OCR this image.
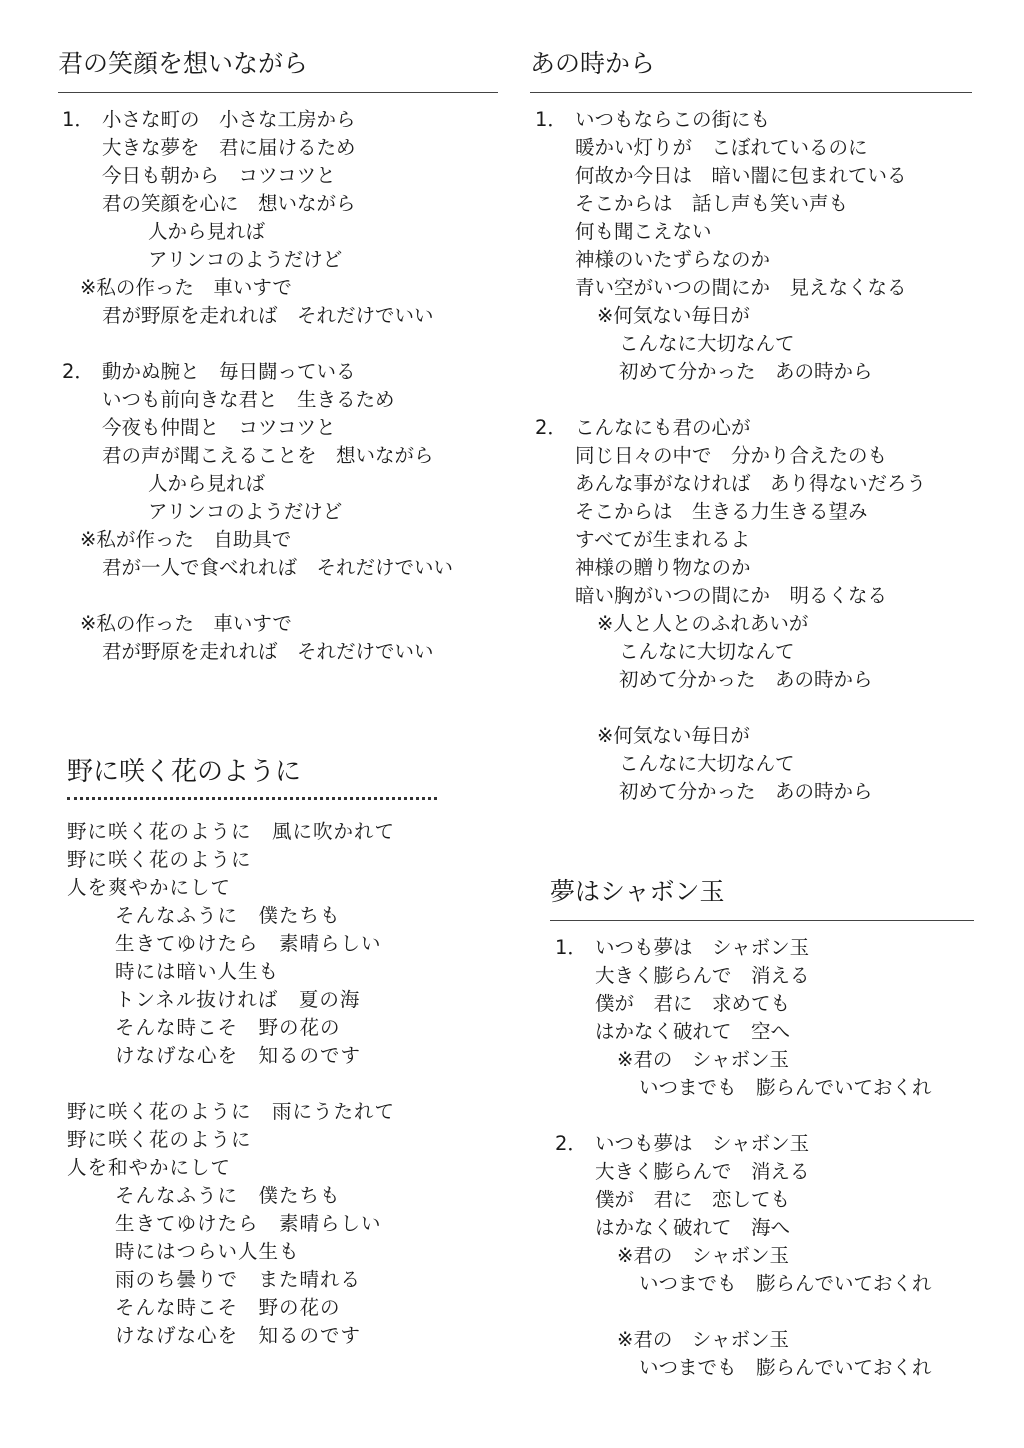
君の笑顔を想いながら
1． 小さな町の　小さな工房から
大きな夢を　君に届けるため
今日も朝から　コツコツと
君の笑顔を心に　想いながら
人から見れば
アリンコのようだけど
※私の作った　車いすで
君が野原を走れれば　それだけでいい
2． 動かぬ腕と　毎日闘っている
いつも前向きな君と　生きるため
今夜も仲間と　コツコツと
君の声が聞こえることを　想いながら
人から見れば
アリンコのようだけど
※私が作った　自助具で
君が一人で食べれれば　それだけでいい
※私の作った　車いすで
君が野原を走れれば　それだけでいい
あの時から
1． いつもならこの街にも
暖かい灯りが　こぼれているのに
何故か今日は　暗い闇に包まれている
そこからは　話し声も笑い声も
何も聞こえない
神様のいたずらなのか
青い空がいつの間にか　見えなくなる
※何気ない毎日が
こんなに大切なんて
初めて分かった　あの時から
2． こんなにも君の心が
同じ日々の中で　分かり合えたのも
あんな事がなければ　あり得ないだろう
そこからは　生きる力生きる望み
すべてが生まれるよ
神様の贈り物なのか
暗い胸がいつの間にか　明るくなる
※人と人とのふれあいが
こんなに大切なんて
初めて分かった　あの時から
※何気ない毎日が
こんなに大切なんて
初めて分かった　あの時から
野に咲く花のように
野に咲く花のように　風に吹かれて
野に咲く花のように
人を爽やかにして
そんなふうに　僕たちも
生きてゆけたら　素晴らしい
時には暗い人生も
トンネル抜ければ　夏の海
そんな時こそ　野の花の
けなげな心を　知るのです
野に咲く花のように　雨にうたれて
野に咲く花のように
人を和やかにして
そんなふうに　僕たちも
生きてゆけたら　素晴らしい
時にはつらい人生も
雨のち曇りで　また晴れる
そんな時こそ　野の花の
けなげな心を　知るのです
夢はシャボン玉
1． いつも夢は　シャボン玉
大きく膨らんで　消える
僕が　君に　求めても
はかなく破れて　空へ
※君の　シャボン玉
いつまでも　膨らんでいておくれ
2． いつも夢は　シャボン玉
大きく膨らんで　消える
僕が　君に　恋しても
はかなく破れて　海へ
※君の　シャボン玉
いつまでも　膨らんでいておくれ
※君の　シャボン玉
いつまでも　膨らんでいておくれ
